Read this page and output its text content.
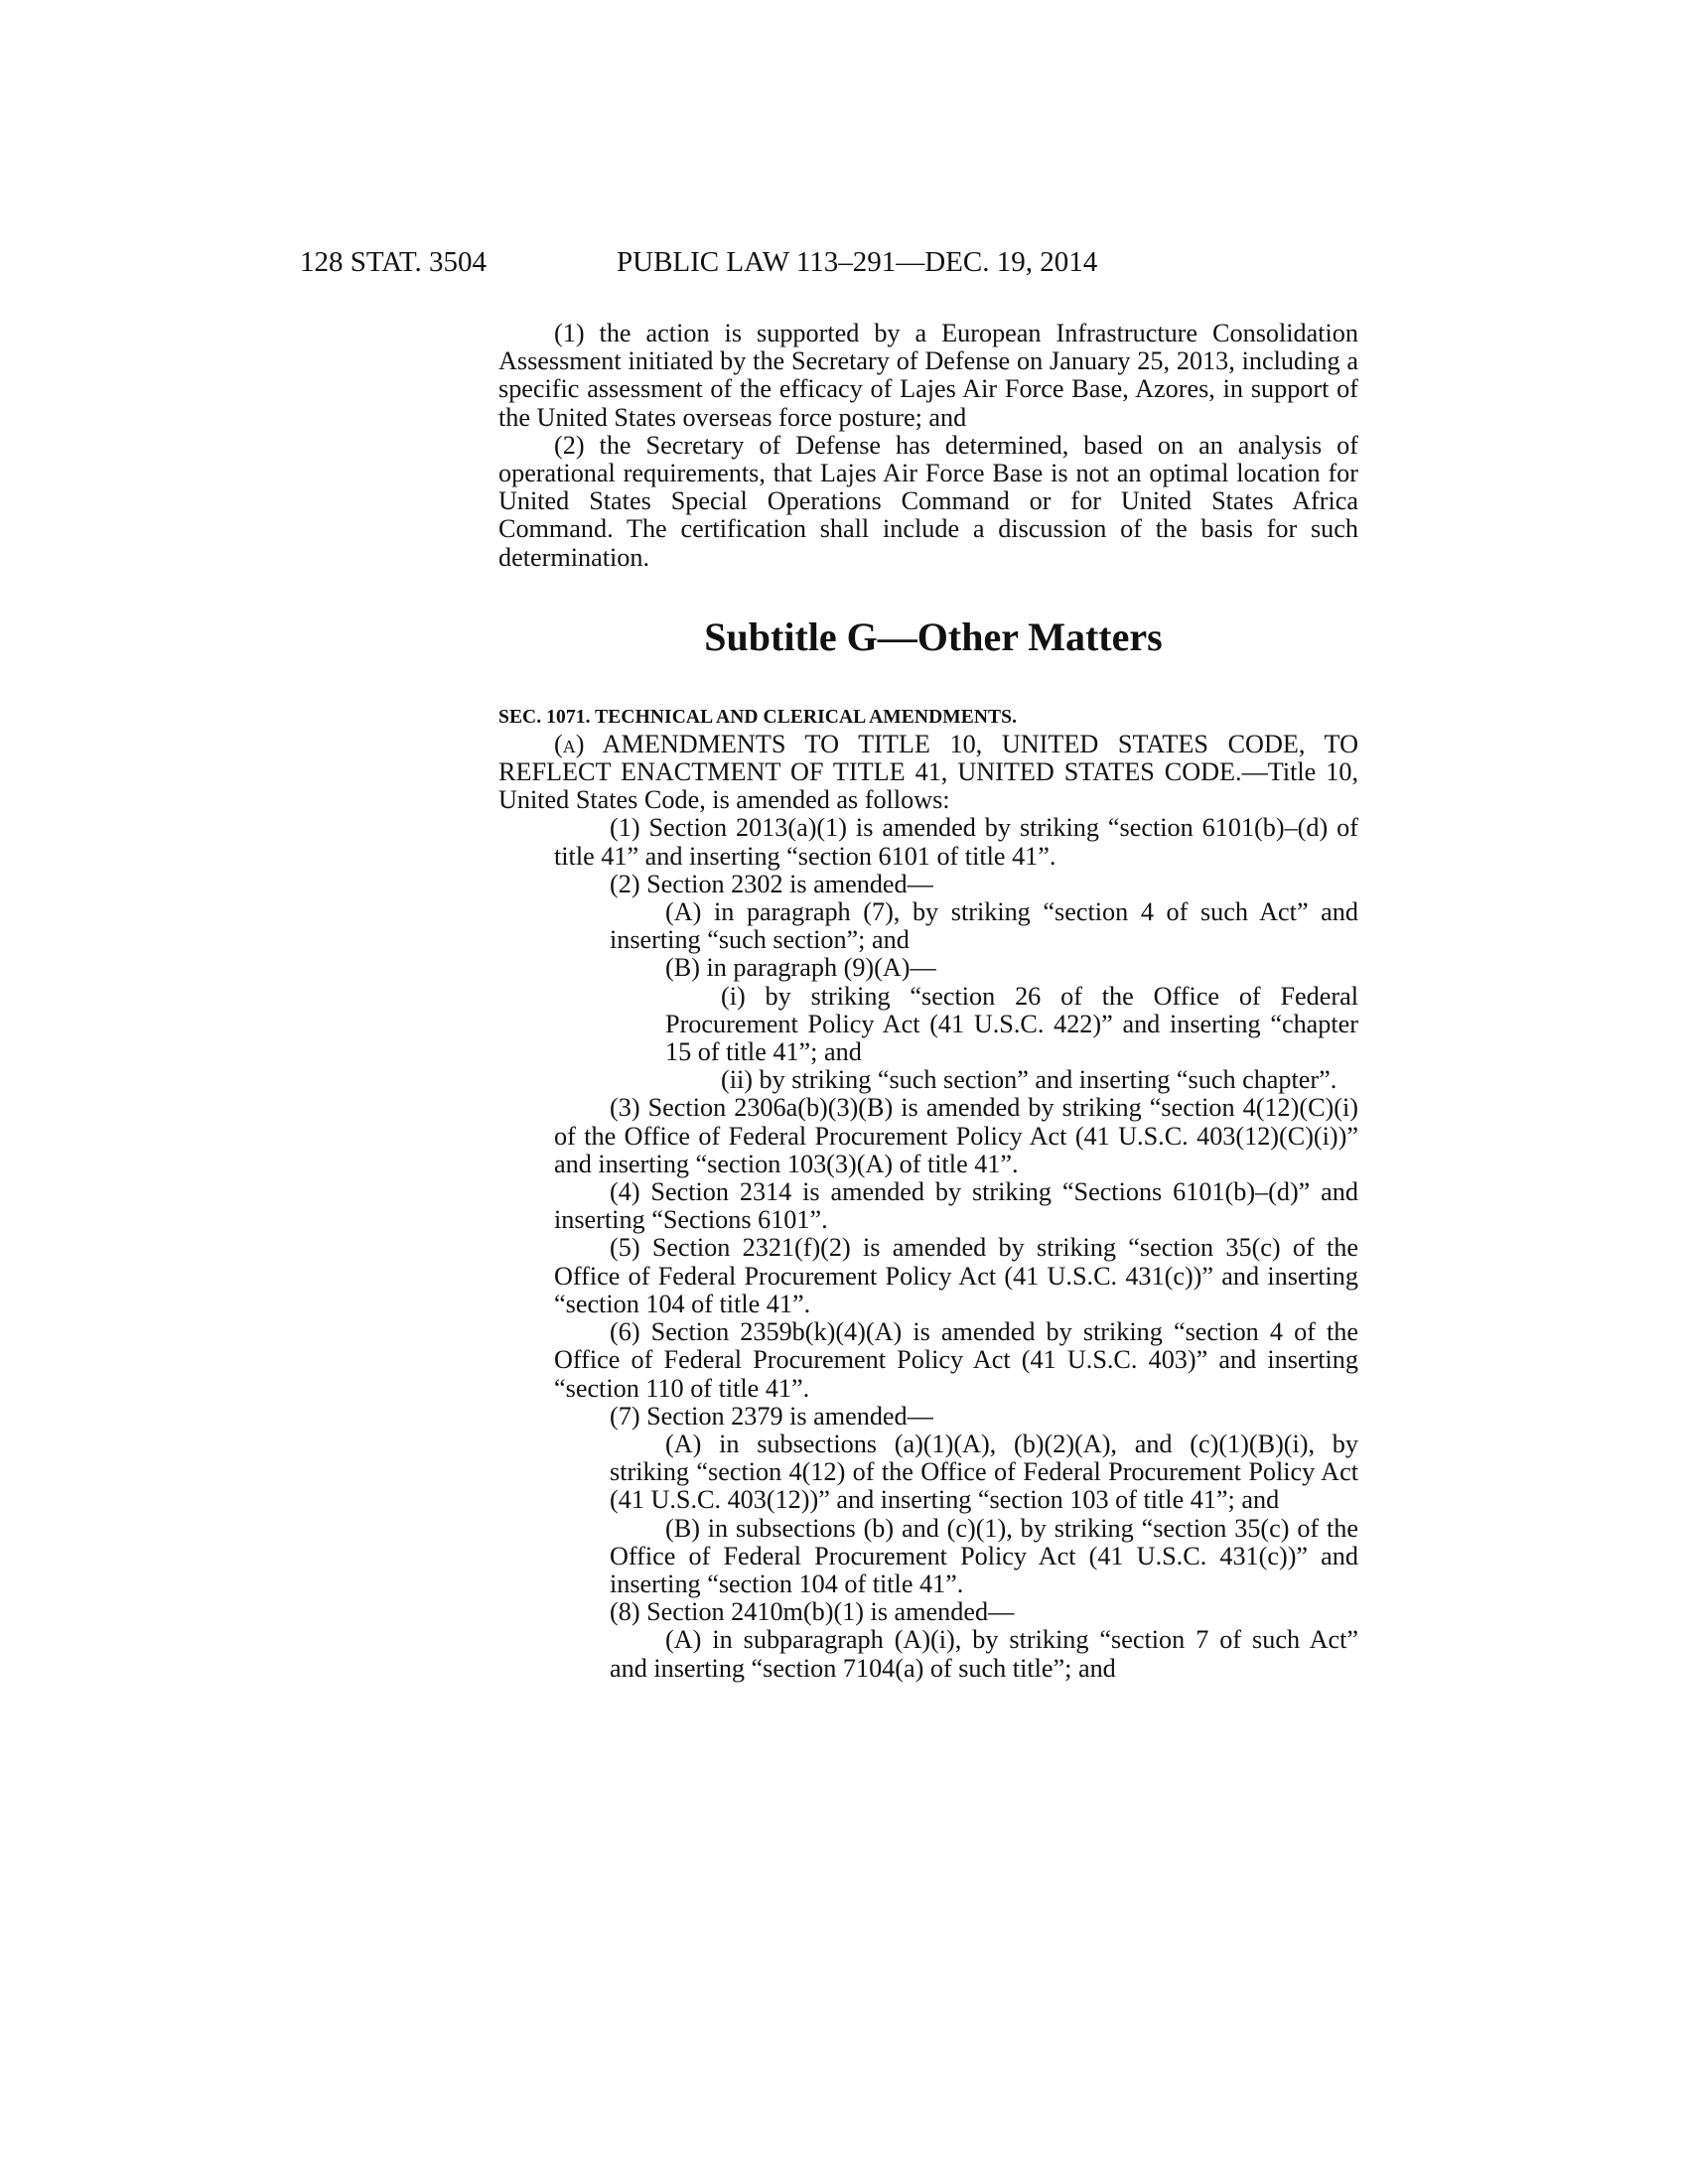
128 STAT. 3504	PUBLIC LAW 113–291—DEC. 19, 2014

(1) the action is supported by a European Infrastructure Consolidation Assessment initiated by the Secretary of Defense on January 25, 2013, including a specific assessment of the efficacy of Lajes Air Force Base, Azores, in support of the United States overseas force posture; and

(2) the Secretary of Defense has determined, based on an analysis of operational requirements, that Lajes Air Force Base is not an optimal location for United States Special Operations Command or for United States Africa Command. The certification shall include a discussion of the basis for such determination.

Subtitle G—Other Matters

SEC. 1071. TECHNICAL AND CLERICAL AMENDMENTS.

(a) AMENDMENTS TO TITLE 10, UNITED STATES CODE, TO REFLECT ENACTMENT OF TITLE 41, UNITED STATES CODE.—Title 10, United States Code, is amended as follows:

(1) Section 2013(a)(1) is amended by striking “section 6101(b)–(d) of title 41” and inserting “section 6101 of title 41”.

(2) Section 2302 is amended—

(A) in paragraph (7), by striking “section 4 of such Act” and inserting “such section”; and

(B) in paragraph (9)(A)—

(i) by striking “section 26 of the Office of Federal Procurement Policy Act (41 U.S.C. 422)” and inserting “chapter 15 of title 41”; and

(ii) by striking “such section” and inserting “such chapter”.

(3) Section 2306a(b)(3)(B) is amended by striking “section 4(12)(C)(i) of the Office of Federal Procurement Policy Act (41 U.S.C. 403(12)(C)(i))” and inserting “section 103(3)(A) of title 41”.

(4) Section 2314 is amended by striking “Sections 6101(b)–(d)” and inserting “Sections 6101”.

(5) Section 2321(f)(2) is amended by striking “section 35(c) of the Office of Federal Procurement Policy Act (41 U.S.C. 431(c))” and inserting “section 104 of title 41”.

(6) Section 2359b(k)(4)(A) is amended by striking “section 4 of the Office of Federal Procurement Policy Act (41 U.S.C. 403)” and inserting “section 110 of title 41”.

(7) Section 2379 is amended—

(A) in subsections (a)(1)(A), (b)(2)(A), and (c)(1)(B)(i), by striking “section 4(12) of the Office of Federal Procurement Policy Act (41 U.S.C. 403(12))” and inserting “section 103 of title 41”; and

(B) in subsections (b) and (c)(1), by striking “section 35(c) of the Office of Federal Procurement Policy Act (41 U.S.C. 431(c))” and inserting “section 104 of title 41”.

(8) Section 2410m(b)(1) is amended—

(A) in subparagraph (A)(i), by striking “section 7 of such Act” and inserting “section 7104(a) of such title”; and
